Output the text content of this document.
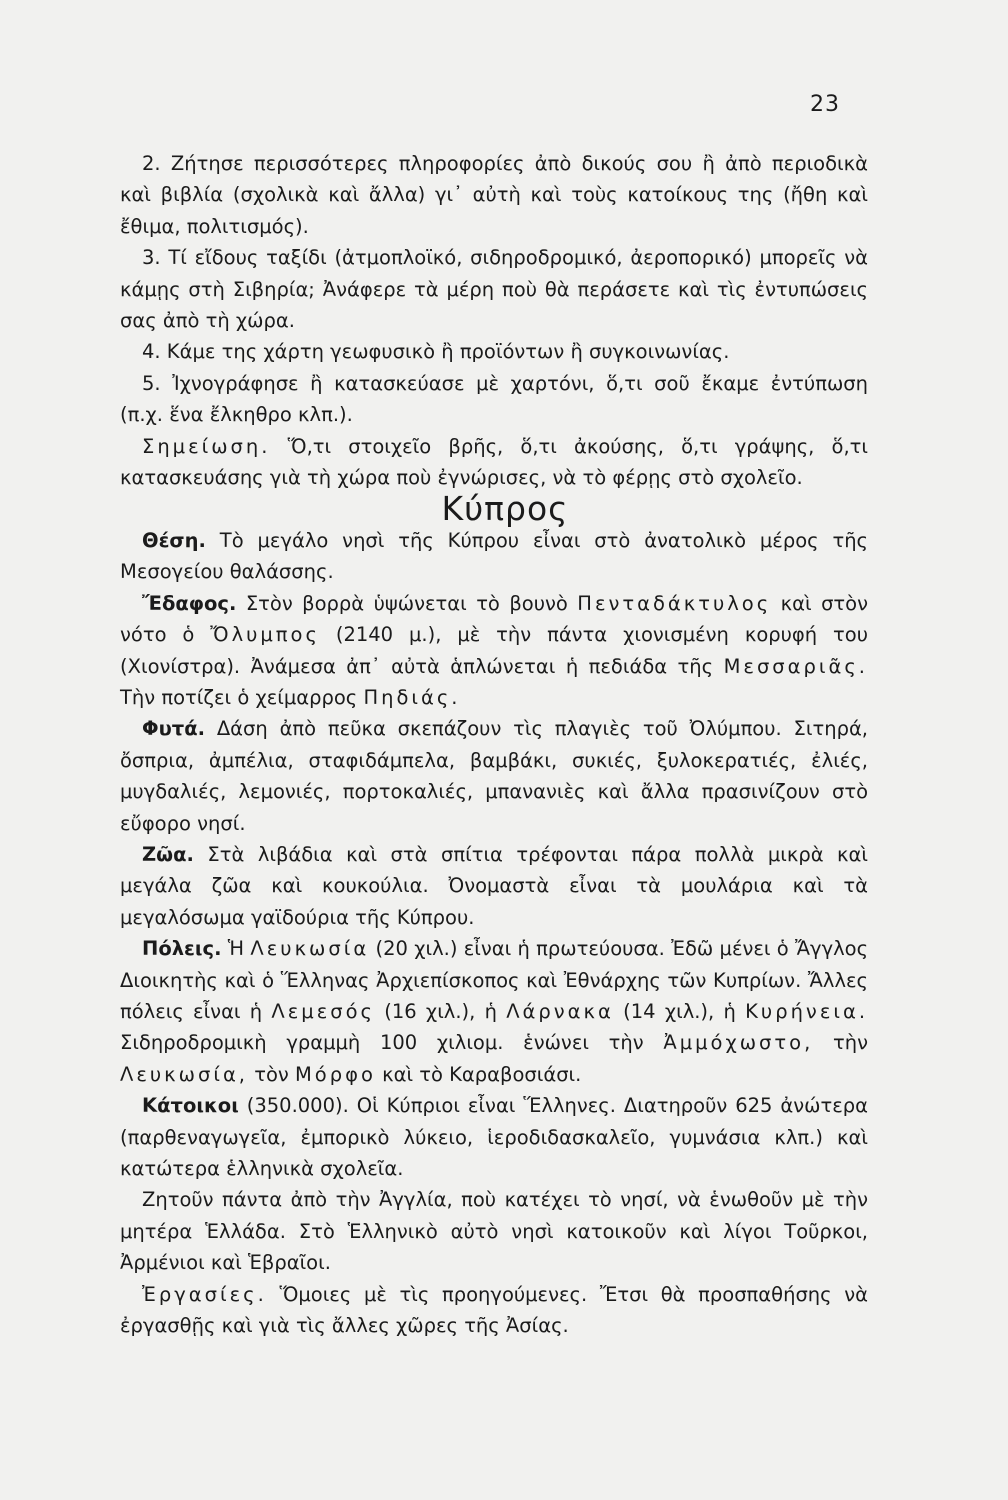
23

2. Ζήτησε περισσότερες πληροφορίες ἀπὸ δικούς σου ἢ ἀπὸ περιοδικὰ καὶ βιβλία (σχολικὰ καὶ ἄλλα) γι᾿ αὐτὴ καὶ τοὺς κατοίκους της (ἤθη καὶ ἔθιμα, πολιτισμός).

3. Τί εἴδους ταξίδι (ἀτμοπλοϊκό, σιδηροδρομικό, ἀεροπορικό) μπορεῖς νὰ κάμῃς στὴ Σιβηρία; Ἀνάφερε τὰ μέρη ποὺ θὰ περάσετε καὶ τὶς ἐντυπώσεις σας ἀπὸ τὴ χώρα.

4. Κάμε της χάρτη γεωφυσικὸ ἢ προϊόντων ἢ συγκοινωνίας.

5. Ἰχνογράφησε ἢ κατασκεύασε μὲ χαρτόνι, ὅ,τι σοῦ ἔκαμε ἐντύπωση (π.χ. ἕνα ἔλκηθρο κλπ.).

Σημείωση. Ὅ,τι στοιχεῖο βρῆς, ὅ,τι ἀκούσης, ὅ,τι γράψης, ὅ,τι κατασκευάσης γιὰ τὴ χώρα ποὺ ἐγνώρισες, νὰ τὸ φέρῃς στὸ σχολεῖο.

Κύπρος

Θέση. Τὸ μεγάλο νησὶ τῆς Κύπρου εἶναι στὸ ἀνατολικὸ μέρος τῆς Μεσογείου θαλάσσης.

Ἔδαφος. Στὸν βορρὰ ὑψώνεται τὸ βουνὸ Πενταδάκτυλος καὶ στὸν νότο ὁ Ὄλυμπος (2140 μ.), μὲ τὴν πάντα χιονισμένη κορυφή του (Χιονίστρα). Ἀνάμεσα ἀπ᾿ αὐτὰ ἁπλώνεται ἡ πεδιάδα τῆς Μεσσαριᾶς. Τὴν ποτίζει ὁ χείμαρρος Πηδιάς.

Φυτά. Δάση ἀπὸ πεῦκα σκεπάζουν τὶς πλαγιὲς τοῦ Ὀλύμπου. Σιτηρά, ὄσπρια, ἀμπέλια, σταφιδάμπελα, βαμβάκι, συκιές, ξυλοκερατιές, ἐλιές, μυγδαλιές, λεμονιές, πορτοκαλιές, μπανανιὲς καὶ ἄλλα πρασινίζουν στὸ εὔφορο νησί.

Ζῶα. Στὰ λιβάδια καὶ στὰ σπίτια τρέφονται πάρα πολλὰ μικρὰ καὶ μεγάλα ζῶα καὶ κουκούλια. Ὀνομαστὰ εἶναι τὰ μουλάρια καὶ τὰ μεγαλόσωμα γαϊδούρια τῆς Κύπρου.

Πόλεις. Ἡ Λευκωσία (20 χιλ.) εἶναι ἡ πρωτεύουσα. Ἐδῶ μένει ὁ Ἄγγλος Διοικητὴς καὶ ὁ Ἕλληνας Ἀρχιεπίσκοπος καὶ Ἐθνάρχης τῶν Κυπρίων. Ἄλλες πόλεις εἶναι ἡ Λεμεσός (16 χιλ.), ἡ Λάρνακα (14 χιλ.), ἡ Κυρήνεια. Σιδηροδρομικὴ γραμμὴ 100 χιλιομ. ἑνώνει τὴν Ἀμμόχωστο, τὴν Λευκωσία, τὸν Μόρφο καὶ τὸ Καραβοσιάσι.

Κάτοικοι (350.000). Οἱ Κύπριοι εἶναι Ἕλληνες. Διατηροῦν 625 ἀνώτερα (παρθεναγωγεῖα, ἐμπορικὸ λύκειο, ἱεροδιδασκαλεῖο, γυμνάσια κλπ.) καὶ κατώτερα ἑλληνικὰ σχολεῖα.

Ζητοῦν πάντα ἀπὸ τὴν Ἀγγλία, ποὺ κατέχει τὸ νησί, νὰ ἑνωθοῦν μὲ τὴν μητέρα Ἑλλάδα. Στὸ Ἑλληνικὸ αὐτὸ νησὶ κατοικοῦν καὶ λίγοι Τοῦρκοι, Ἀρμένιοι καὶ Ἑβραῖοι.

Ἐργασίες. Ὅμοιες μὲ τὶς προηγούμενες. Ἔτσι θὰ προσπαθήσης νὰ ἐργασθῇς καὶ γιὰ τὶς ἄλλες χῶρες τῆς Ἀσίας.
